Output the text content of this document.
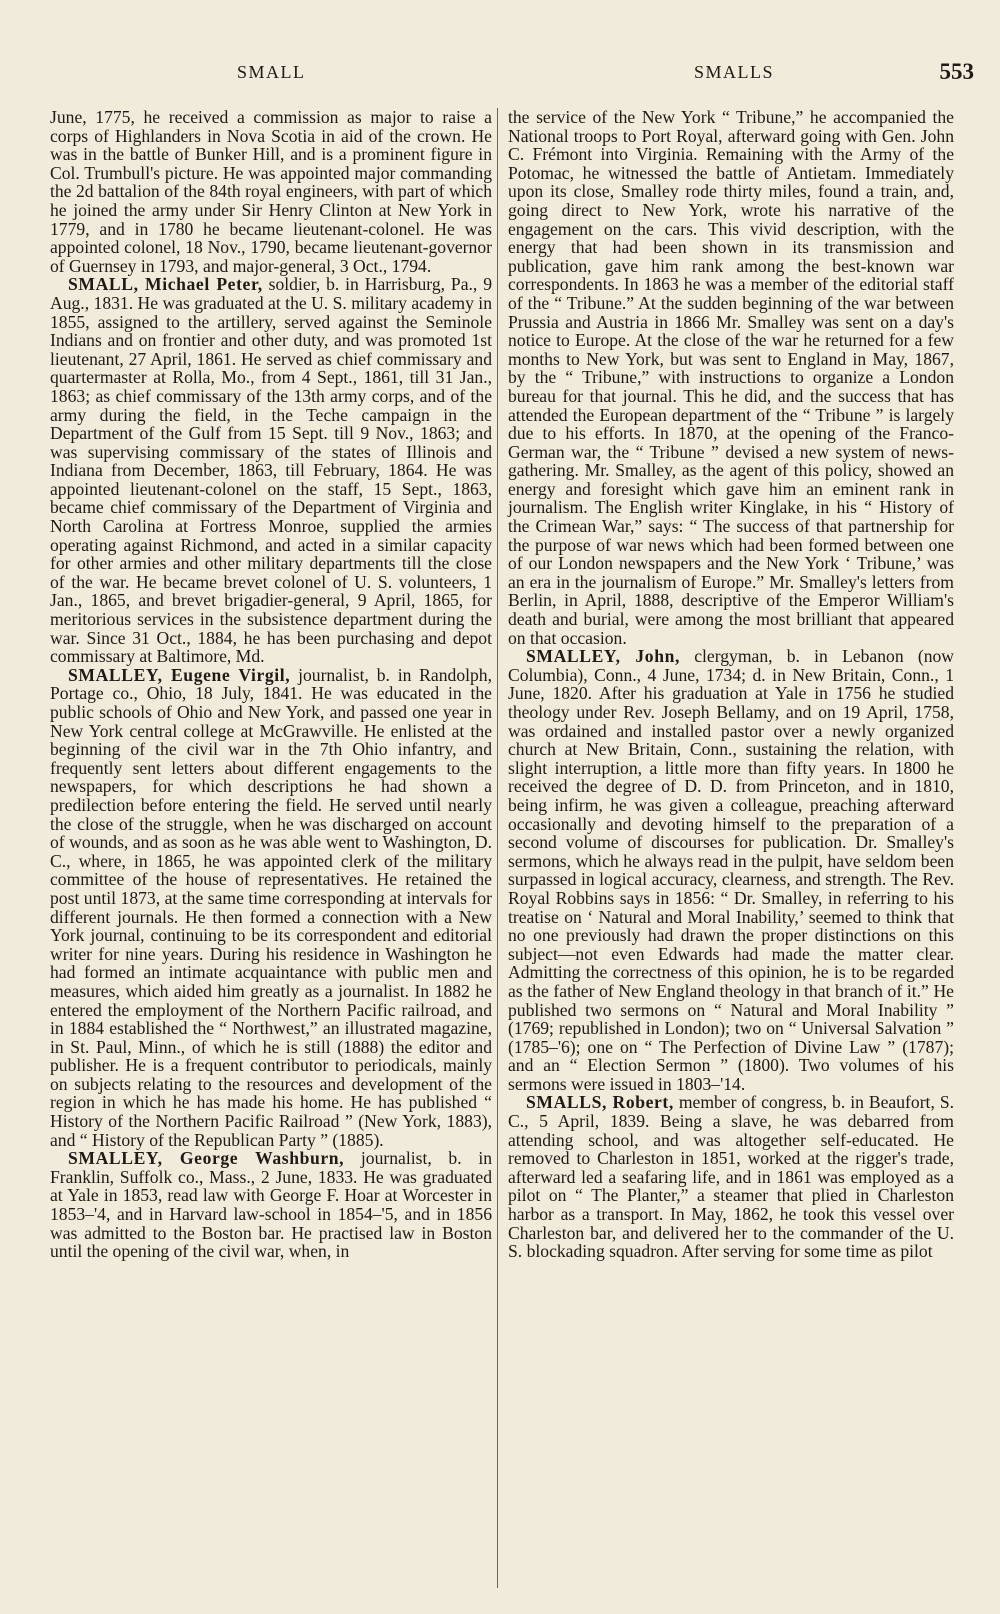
SMALL	SMALLS	553

June, 1775, he received a commission as major to raise a corps of Highlanders in Nova Scotia in aid of the crown. He was in the battle of Bunker Hill, and is a prominent figure in Col. Trumbull's picture. He was appointed major commanding the 2d battalion of the 84th royal engineers, with part of which he joined the army under Sir Henry Clinton at New York in 1779, and in 1780 he became lieutenant-colonel. He was appointed colonel, 18 Nov., 1790, became lieutenant-governor of Guernsey in 1793, and major-general, 3 Oct., 1794.

SMALL, Michael Peter, soldier, b. in Harrisburg, Pa., 9 Aug., 1831. He was graduated at the U. S. military academy in 1855, assigned to the artillery, served against the Seminole Indians and on frontier and other duty, and was promoted 1st lieutenant, 27 April, 1861. He served as chief commissary and quartermaster at Rolla, Mo., from 4 Sept., 1861, till 31 Jan., 1863; as chief commissary of the 13th army corps, and of the army during the field, in the Teche campaign in the Department of the Gulf from 15 Sept. till 9 Nov., 1863; and was supervising commissary of the states of Illinois and Indiana from December, 1863, till February, 1864. He was appointed lieutenant-colonel on the staff, 15 Sept., 1863, became chief commissary of the Department of Virginia and North Carolina at Fortress Monroe, supplied the armies operating against Richmond, and acted in a similar capacity for other armies and other military departments till the close of the war. He became brevet colonel of U. S. volunteers, 1 Jan., 1865, and brevet brigadier-general, 9 April, 1865, for meritorious services in the subsistence department during the war. Since 31 Oct., 1884, he has been purchasing and depot commissary at Baltimore, Md.

SMALLEY, Eugene Virgil, journalist, b. in Randolph, Portage co., Ohio, 18 July, 1841. He was educated in the public schools of Ohio and New York, and passed one year in New York central college at McGrawville. He enlisted at the beginning of the civil war in the 7th Ohio infantry, and frequently sent letters about different engagements to the newspapers, for which descriptions he had shown a predilection before entering the field. He served until nearly the close of the struggle, when he was discharged on account of wounds, and as soon as he was able went to Washington, D. C., where, in 1865, he was appointed clerk of the military committee of the house of representatives. He retained the post until 1873, at the same time corresponding at intervals for different journals. He then formed a connection with a New York journal, continuing to be its correspondent and editorial writer for nine years. During his residence in Washington he had formed an intimate acquaintance with public men and measures, which aided him greatly as a journalist. In 1882 he entered the employment of the Northern Pacific railroad, and in 1884 established the “ Northwest,” an illustrated magazine, in St. Paul, Minn., of which he is still (1888) the editor and publisher. He is a frequent contributor to periodicals, mainly on subjects relating to the resources and development of the region in which he has made his home. He has published “ History of the Northern Pacific Railroad ” (New York, 1883), and “ History of the Republican Party ” (1885).

SMALLEY, George Washburn, journalist, b. in Franklin, Suffolk co., Mass., 2 June, 1833. He was graduated at Yale in 1853, read law with George F. Hoar at Worcester in 1853–'4, and in Harvard law-school in 1854–'5, and in 1856 was admitted to the Boston bar. He practised law in Boston until the opening of the civil war, when, in

the service of the New York “ Tribune,” he accompanied the National troops to Port Royal, afterward going with Gen. John C. Frémont into Virginia. Remaining with the Army of the Potomac, he witnessed the battle of Antietam. Immediately upon its close, Smalley rode thirty miles, found a train, and, going direct to New York, wrote his narrative of the engagement on the cars. This vivid description, with the energy that had been shown in its transmission and publication, gave him rank among the best-known war correspondents. In 1863 he was a member of the editorial staff of the “ Tribune.” At the sudden beginning of the war between Prussia and Austria in 1866 Mr. Smalley was sent on a day's notice to Europe. At the close of the war he returned for a few months to New York, but was sent to England in May, 1867, by the “ Tribune,” with instructions to organize a London bureau for that journal. This he did, and the success that has attended the European department of the “ Tribune ” is largely due to his efforts. In 1870, at the opening of the Franco-German war, the “ Tribune ” devised a new system of news-gathering. Mr. Smalley, as the agent of this policy, showed an energy and foresight which gave him an eminent rank in journalism. The English writer Kinglake, in his “ History of the Crimean War,” says: “ The success of that partnership for the purpose of war news which had been formed between one of our London newspapers and the New York ‘ Tribune,’ was an era in the journalism of Europe.” Mr. Smalley's letters from Berlin, in April, 1888, descriptive of the Emperor William's death and burial, were among the most brilliant that appeared on that occasion.

SMALLEY, John, clergyman, b. in Lebanon (now Columbia), Conn., 4 June, 1734; d. in New Britain, Conn., 1 June, 1820. After his graduation at Yale in 1756 he studied theology under Rev. Joseph Bellamy, and on 19 April, 1758, was ordained and installed pastor over a newly organized church at New Britain, Conn., sustaining the relation, with slight interruption, a little more than fifty years. In 1800 he received the degree of D. D. from Princeton, and in 1810, being infirm, he was given a colleague, preaching afterward occasionally and devoting himself to the preparation of a second volume of discourses for publication. Dr. Smalley's sermons, which he always read in the pulpit, have seldom been surpassed in logical accuracy, clearness, and strength. The Rev. Royal Robbins says in 1856: “ Dr. Smalley, in referring to his treatise on ‘ Natural and Moral Inability,’ seemed to think that no one previously had drawn the proper distinctions on this subject—not even Edwards had made the matter clear. Admitting the correctness of this opinion, he is to be regarded as the father of New England theology in that branch of it.” He published two sermons on “ Natural and Moral Inability ” (1769; republished in London); two on “ Universal Salvation ” (1785–'6); one on “ The Perfection of Divine Law ” (1787); and an “ Election Sermon ” (1800). Two volumes of his sermons were issued in 1803–'14.

SMALLS, Robert, member of congress, b. in Beaufort, S. C., 5 April, 1839. Being a slave, he was debarred from attending school, and was altogether self-educated. He removed to Charleston in 1851, worked at the rigger's trade, afterward led a seafaring life, and in 1861 was employed as a pilot on “ The Planter,” a steamer that plied in Charleston harbor as a transport. In May, 1862, he took this vessel over Charleston bar, and delivered her to the commander of the U. S. blockading squadron. After serving for some time as pilot
